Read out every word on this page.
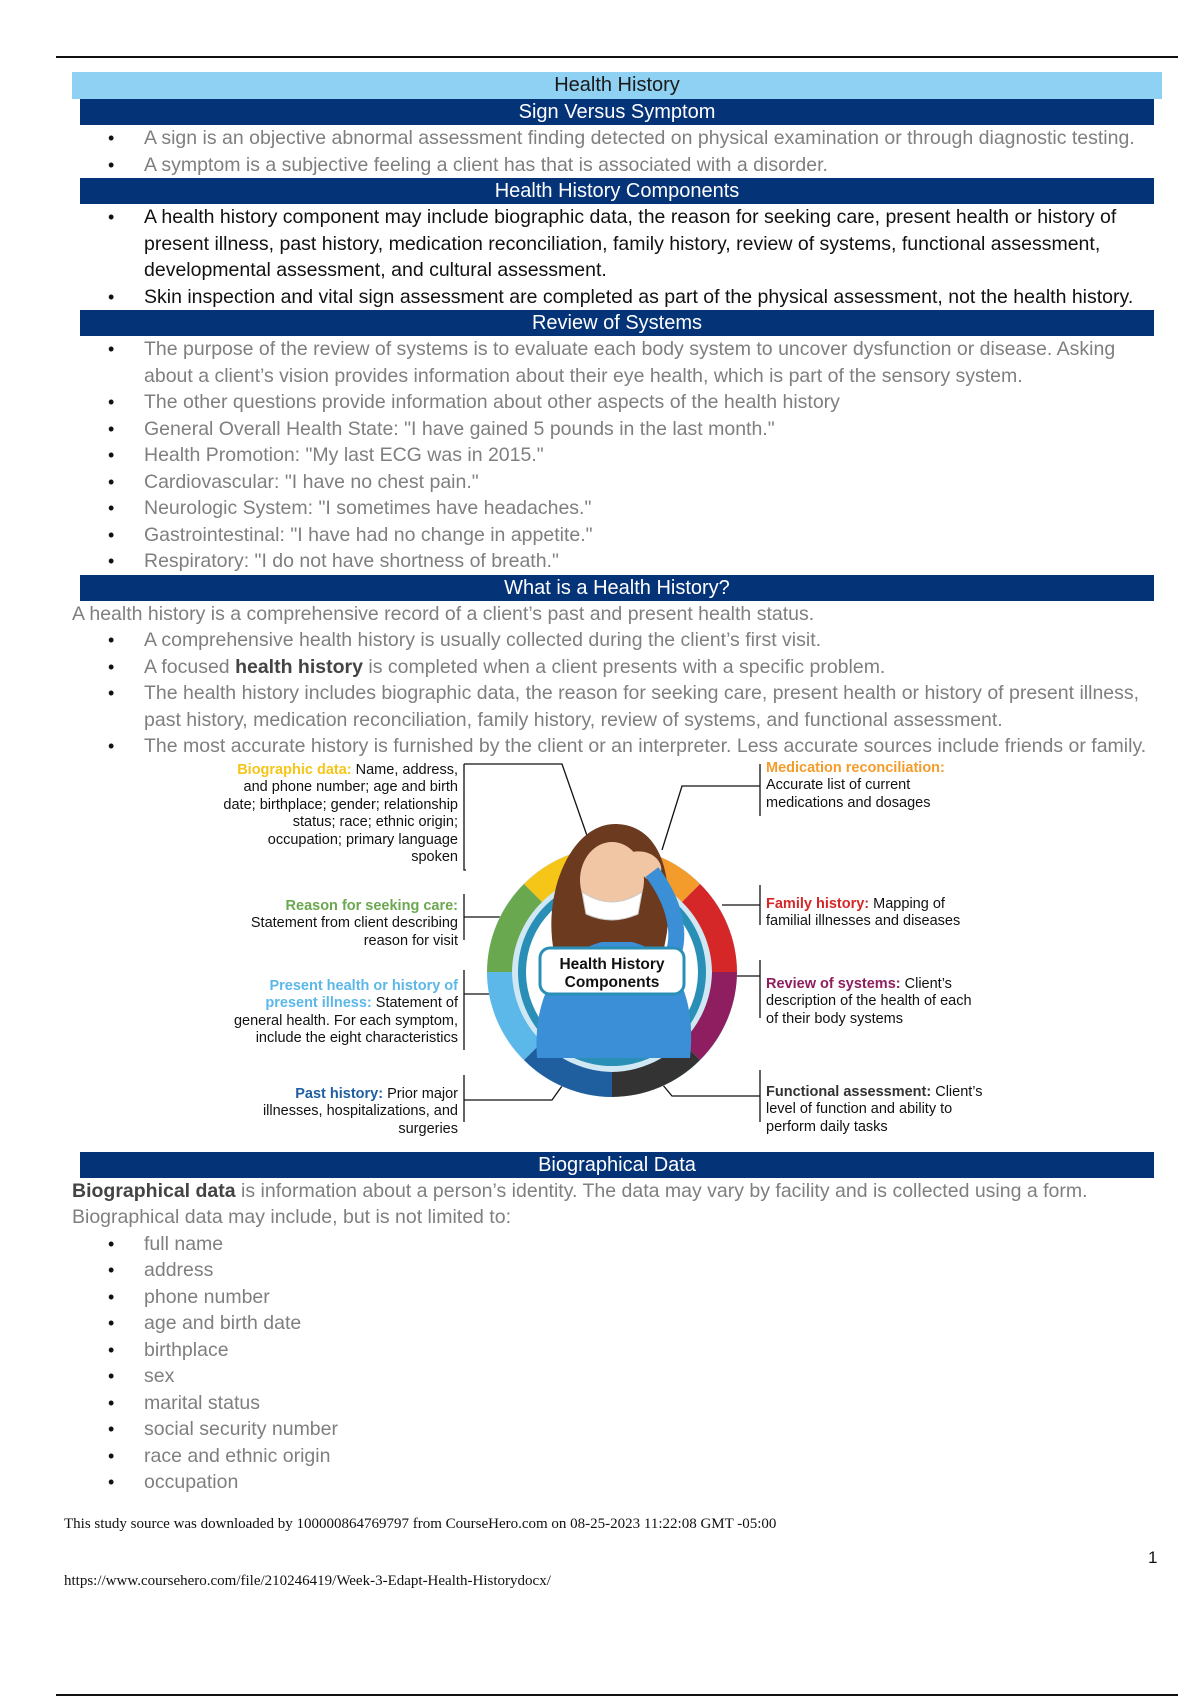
Health History
Sign Versus Symptom
• A sign is an objective abnormal assessment finding detected on physical examination or through diagnostic testing.
• A symptom is a subjective feeling a client has that is associated with a disorder.
Health History Components
• A health history component may include biographic data, the reason for seeking care, present health or history of present illness, past history, medication reconciliation, family history, review of systems, functional assessment, developmental assessment, and cultural assessment.
• Skin inspection and vital sign assessment are completed as part of the physical assessment, not the health history.
Review of Systems
• The purpose of the review of systems is to evaluate each body system to uncover dysfunction or disease. Asking about a client’s vision provides information about their eye health, which is part of the sensory system.
• The other questions provide information about other aspects of the health history
• General Overall Health State: "I have gained 5 pounds in the last month."
• Health Promotion: "My last ECG was in 2015."
• Cardiovascular: "I have no chest pain."
• Neurologic System: "I sometimes have headaches."
• Gastrointestinal: "I have had no change in appetite."
• Respiratory: "I do not have shortness of breath."
What is a Health History?

A health history is a comprehensive record of a client’s past and present health status.

• A comprehensive health history is usually collected during the client’s first visit.
• A focused health history is completed when a client presents with a specific problem.
• The health history includes biographic data, the reason for seeking care, present health or history of present illness, past history, medication reconciliation, family history, review of systems, and functional assessment.
• The most accurate history is furnished by the client or an interpreter. Less accurate sources include friends or family.
Health History
Components
Biographic data: Name, address, and phone number; age and birth date; birthplace; gender; relationship status; race; ethnic origin; occupation; primary language spoken
Reason for seeking care: Statement from client describing reason for visit
Present health or history of present illness: Statement of general health. For each symptom, include the eight characteristics
Past history: Prior major illnesses, hospitalizations, and surgeries
Medication reconciliation: Accurate list of current medications and dosages
Family history: Mapping of familial illnesses and diseases
Review of systems: Client’s description of the health of each of their body systems
Functional assessment: Client’s level of function and ability to perform daily tasks
Biographical Data

Biographical data is information about a person’s identity. The data may vary by facility and is collected using a form. Biographical data may include, but is not limited to:

• full name
• address
• phone number
• age and birth date
• birthplace
• sex
• marital status
• social security number
• race and ethnic origin
• occupation
This study source was downloaded by 100000864769797 from CourseHero.com on 08-25-2023 11:22:08 GMT -05:00
1
https://www.coursehero.com/file/210246419/Week-3-Edapt-Health-Historydocx/
